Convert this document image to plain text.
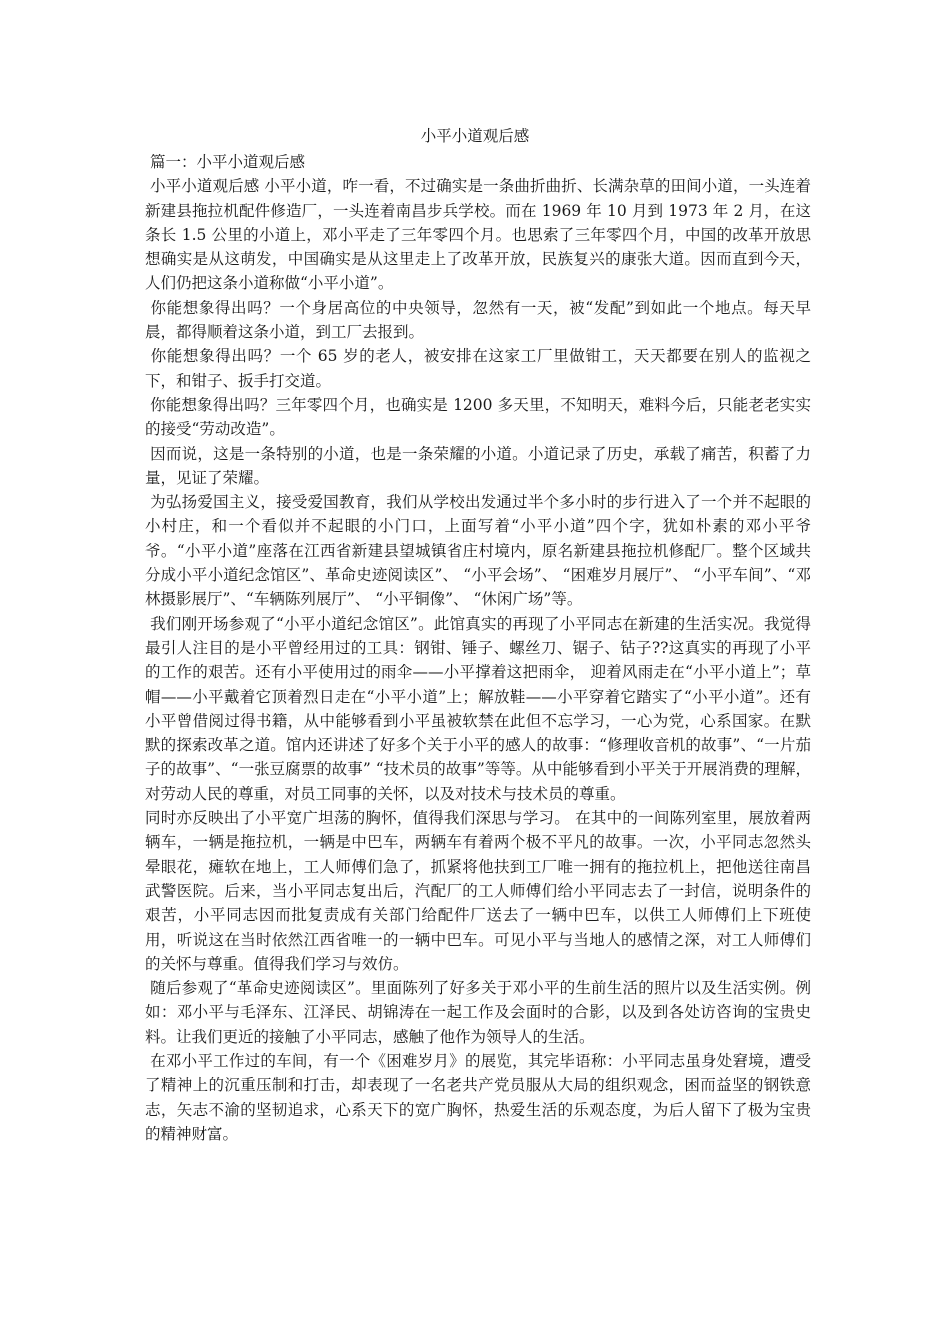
小平小道观后感

篇一：小平小道观后感

小平小道观后感 小平小道，咋一看，不过确实是一条曲折曲折、长满杂草的田间小道，一头连着新建县拖拉机配件修造厂，一头连着南昌步兵学校。而在 1969 年 10 月到 1973 年 2 月，在这条长 1.5 公里的小道上，邓小平走了三年零四个月。也思索了三年零四个月，中国的改革开放思想确实是从这萌发，中国确实是从这里走上了改革开放，民族复兴的康张大道。因而直到今天，人们仍把这条小道称做“小平小道”。

你能想象得出吗？一个身居高位的中央领导，忽然有一天，被“发配”到如此一个地点。每天早晨，都得顺着这条小道，到工厂去报到。

你能想象得出吗？一个 65 岁的老人，被安排在这家工厂里做钳工，天天都要在别人的监视之下，和钳子、扳手打交道。

你能想象得出吗？三年零四个月，也确实是 1200 多天里，不知明天，难料今后，只能老老实实的接受“劳动改造”。

因而说，这是一条特别的小道，也是一条荣耀的小道。小道记录了历史，承载了痛苦，积蓄了力量，见证了荣耀。

为弘扬爱国主义，接受爱国教育，我们从学校出发通过半个多小时的步行进入了一个并不起眼的小村庄，和一个看似并不起眼的小门口，上面写着“小平小道”四个字，犹如朴素的邓小平爷爷。“小平小道”座落在江西省新建县望城镇省庄村境内，原名新建县拖拉机修配厂。整个区域共分成小平小道纪念馆区”、革命史迹阅读区”、 “小平会场”、 “困难岁月展厅”、 “小平车间”、“邓林摄影展厅”、“车辆陈列展厅”、 “小平铜像”、 “休闲广场”等。

我们刚开场参观了“小平小道纪念馆区”。此馆真实的再现了小平同志在新建的生活实况。我觉得最引人注目的是小平曾经用过的工具：钢钳、锤子、螺丝刀、锯子、钻子??这真实的再现了小平的工作的艰苦。还有小平使用过的雨伞——小平撑着这把雨伞， 迎着风雨走在“小平小道上”；草帽——小平戴着它顶着烈日走在“小平小道”上；解放鞋——小平穿着它踏实了“小平小道”。还有小平曾借阅过得书籍，从中能够看到小平虽被软禁在此但不忘学习，一心为党，心系国家。在默默的探索改革之道。馆内还讲述了好多个关于小平的感人的故事：“修理收音机的故事”、“一片茄子的故事”、“一张豆腐票的故事” “技术员的故事”等等。从中能够看到小平关于开展消费的理解，对劳动人民的尊重，对员工同事的关怀，以及对技术与技术员的尊重。

同时亦反映出了小平宽广坦荡的胸怀，值得我们深思与学习。 在其中的一间陈列室里，展放着两辆车，一辆是拖拉机，一辆是中巴车，两辆车有着两个极不平凡的故事。一次，小平同志忽然头晕眼花，瘫软在地上，工人师傅们急了，抓紧将他扶到工厂唯一拥有的拖拉机上，把他送往南昌武警医院。后来，当小平同志复出后，汽配厂的工人师傅们给小平同志去了一封信，说明条件的艰苦，小平同志因而批复责成有关部门给配件厂送去了一辆中巴车，以供工人师傅们上下班使用，听说这在当时依然江西省唯一的一辆中巴车。可见小平与当地人的感情之深，对工人师傅们的关怀与尊重。值得我们学习与效仿。

随后参观了“革命史迹阅读区”。里面陈列了好多关于邓小平的生前生活的照片以及生活实例。例如：邓小平与毛泽东、江泽民、胡锦涛在一起工作及会面时的合影，以及到各处访咨询的宝贵史料。让我们更近的接触了小平同志，感触了他作为领导人的生活。

在邓小平工作过的车间，有一个《困难岁月》的展览，其完毕语称：小平同志虽身处窘境，遭受了精神上的沉重压制和打击，却表现了一名老共产党员服从大局的组织观念，困而益坚的钢铁意志，矢志不渝的坚韧追求，心系天下的宽广胸怀，热爱生活的乐观态度，为后人留下了极为宝贵的精神财富。
